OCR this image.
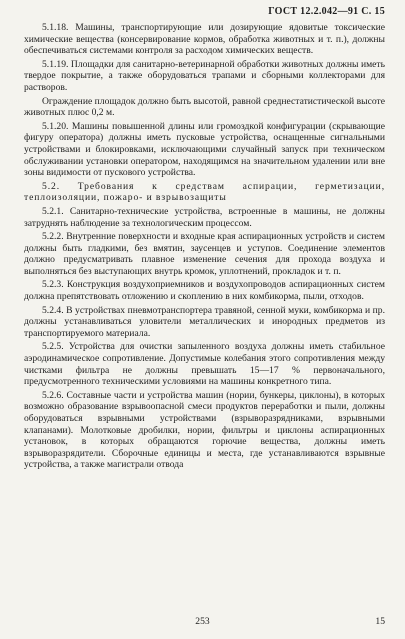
ГОСТ 12.2.042—91 С. 15

5.1.18. Машины, транспортирующие или дозирующие ядовитые токсические химические вещества (консервирование кормов, обработка животных и т. п.), должны обеспечиваться системами контроля за расходом химических веществ.

5.1.19. Площадки для санитарно-ветеринарной обработки животных должны иметь твердое покрытие, а также оборудоваться трапами и сборными коллекторами для растворов.

Ограждение площадок должно быть высотой, равной среднестатистической высоте животных плюс 0,2 м.

5.1.20. Машины повышенной длины или громоздкой конфигурации (скрывающие фигуру оператора) должны иметь пусковые устройства, оснащенные сигнальными устройствами и блокировками, исключающими случайный запуск при техническом обслуживании установки оператором, находящимся на значительном удалении или вне зоны видимости от пускового устройства.

5.2. Требования к средствам аспирации, герметизации, теплоизоляции, пожаро- и взрывозащиты

5.2.1. Санитарно-технические устройства, встроенные в машины, не должны затруднять наблюдение за технологическим процессом.

5.2.2. Внутренние поверхности и входные края аспирационных устройств и систем должны быть гладкими, без вмятин, заусенцев и уступов. Соединение элементов должно предусматривать плавное изменение сечения для прохода воздуха и выполняться без выступающих внутрь кромок, уплотнений, прокладок и т. п.

5.2.3. Конструкция воздухоприемников и воздухопроводов аспирационных систем должна препятствовать отложению и скоплению в них комбикорма, пыли, отходов.

5.2.4. В устройствах пневмотранспортера травяной, сенной муки, комбикорма и пр. должны устанавливаться уловители металлических и инородных предметов из транспортируемого материала.

5.2.5. Устройства для очистки запыленного воздуха должны иметь стабильное аэродинамическое сопротивление. Допустимые колебания этого сопротивления между чистками фильтра не должны превышать 15—17 % первоначального, предусмотренного техническими условиями на машины конкретного типа.

5.2.6. Составные части и устройства машин (нории, бункеры, циклоны), в которых возможно образование взрывоопасной смеси продуктов переработки и пыли, должны оборудоваться взрывными устройствами (взрыворазрядниками, взрывными клапанами). Молотковые дробилки, нории, фильтры и циклоны аспирационных установок, в которых обращаются горючие вещества, должны иметь взрыворазрядители. Сборочные единицы и места, где устанавливаются взрывные устройства, а также магистрали отвода

253	15
